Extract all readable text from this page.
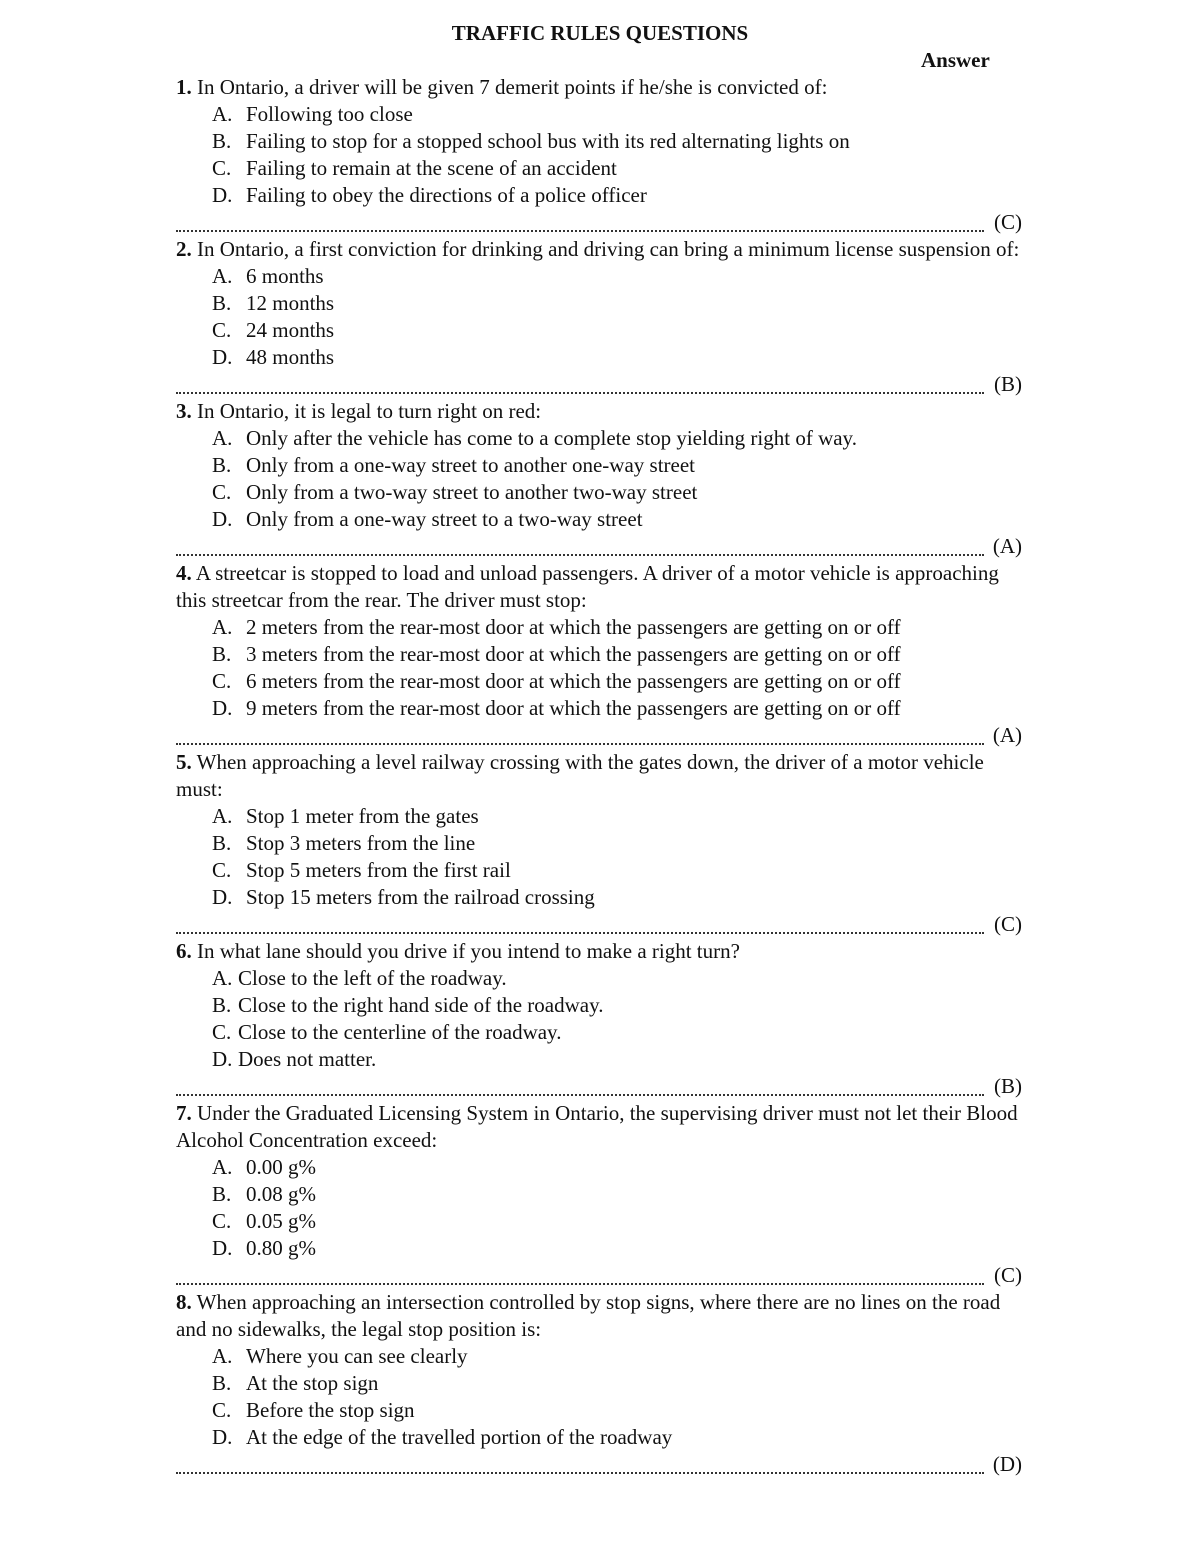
TRAFFIC RULES QUESTIONS
Answer

1. In Ontario, a driver will be given 7 demerit points if he/she is convicted of:

A. Following too close
B. Failing to stop for a stopped school bus with its red alternating lights on
C. Failing to remain at the scene of an accident
D. Failing to obey the directions of a police officer
(C)

2. In Ontario, a first conviction for drinking and driving can bring a minimum license suspension of:

A. 6 months
B. 12 months
C. 24 months
D. 48 months
(B)

3. In Ontario, it is legal to turn right on red:

A. Only after the vehicle has come to a complete stop yielding right of way.
B. Only from a one-way street to another one-way street
C. Only from a two-way street to another two-way street
D. Only from a one-way street to a two-way street
(A)

4. A streetcar is stopped to load and unload passengers. A driver of a motor vehicle is approaching this streetcar from the rear. The driver must stop:

A. 2 meters from the rear-most door at which the passengers are getting on or off
B. 3 meters from the rear-most door at which the passengers are getting on or off
C. 6 meters from the rear-most door at which the passengers are getting on or off
D. 9 meters from the rear-most door at which the passengers are getting on or off
(A)

5. When approaching a level railway crossing with the gates down, the driver of a motor vehicle must:

A. Stop 1 meter from the gates
B. Stop 3 meters from the line
C. Stop 5 meters from the first rail
D. Stop 15 meters from the railroad crossing
(C)

6. In what lane should you drive if you intend to make a right turn?

A. Close to the left of the roadway.
B. Close to the right hand side of the roadway.
C. Close to the centerline of the roadway.
D. Does not matter.
(B)

7. Under the Graduated Licensing System in Ontario, the supervising driver must not let their Blood Alcohol Concentration exceed:

A. 0.00 g%
B. 0.08 g%
C. 0.05 g%
D. 0.80 g%
(C)

8. When approaching an intersection controlled by stop signs, where there are no lines on the road and no sidewalks, the legal stop position is:

A. Where you can see clearly
B. At the stop sign
C. Before the stop sign
D. At the edge of the travelled portion of the roadway
(D)
